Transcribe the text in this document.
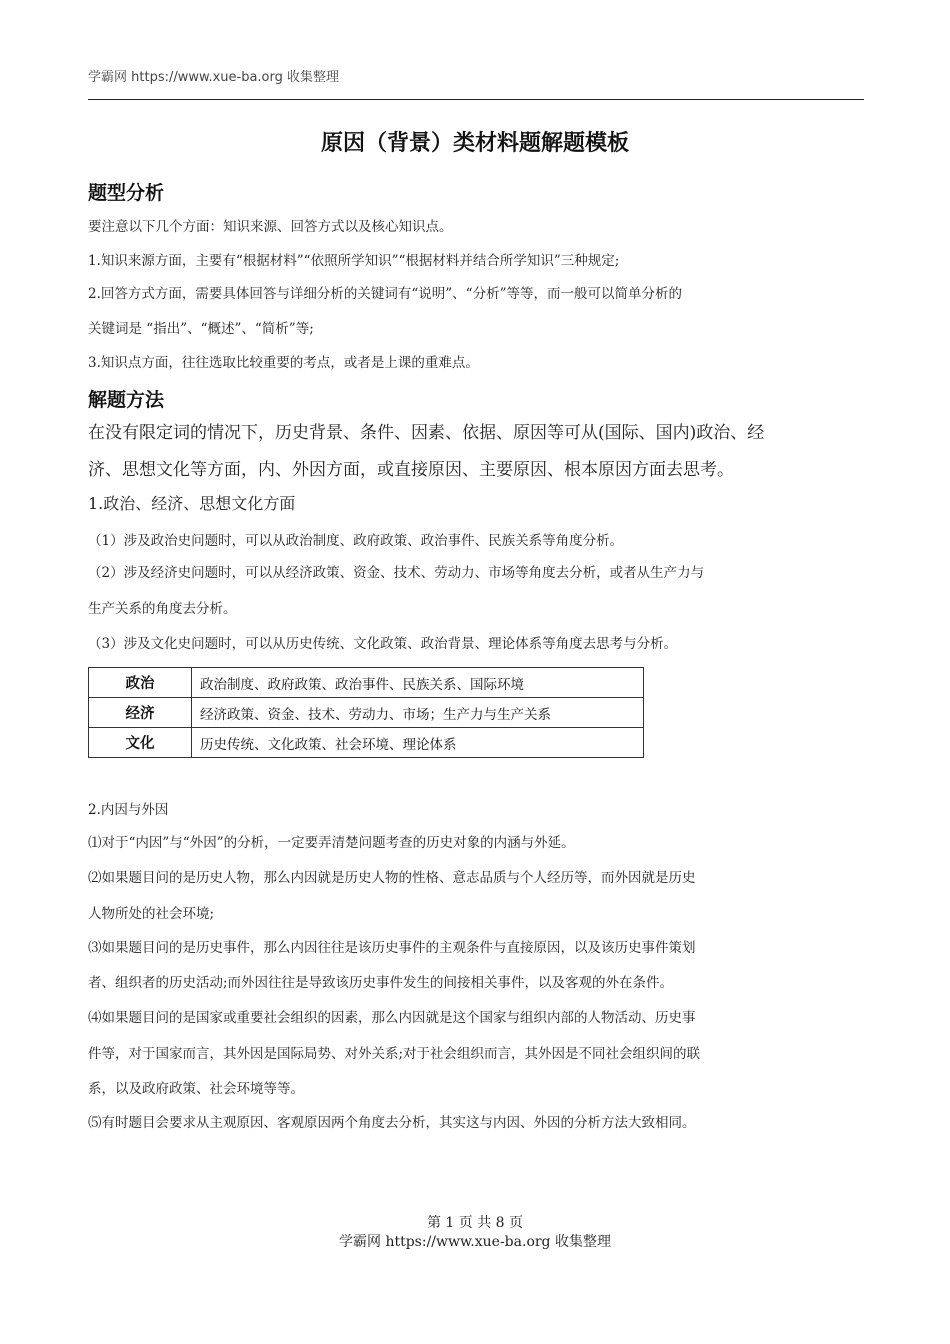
学霸网 https://www.xue-ba.org 收集整理
原因（背景）类材料题解题模板
题型分析
要注意以下几个方面：知识来源、回答方式以及核心知识点。
1.知识来源方面，主要有“根据材料”“依照所学知识”“根据材料并结合所学知识”三种规定;
2.回答方式方面，需要具体回答与详细分析的关键词有“说明”、“分析”等等，而一般可以简单分析的
关键词是 “指出”、“概述”、“简析”等;
3.知识点方面，往往选取比较重要的考点，或者是上课的重难点。
解题方法
在没有限定词的情况下，历史背景、条件、因素、依据、原因等可从(国际、国内)政治、经
济、思想文化等方面，内、外因方面，或直接原因、主要原因、根本原因方面去思考。
1.政治、经济、思想文化方面
（1）涉及政治史问题时，可以从政治制度、政府政策、政治事件、民族关系等角度分析。
（2）涉及经济史问题时，可以从经济政策、资金、技术、劳动力、市场等角度去分析，或者从生产力与
生产关系的角度去分析。
（3）涉及文化史问题时，可以从历史传统、文化政策、政治背景、理论体系等角度去思考与分析。
政治	政治制度、政府政策、政治事件、民族关系、国际环境
经济	经济政策、资金、技术、劳动力、市场；生产力与生产关系
文化	历史传统、文化政策、社会环境、理论体系
2.内因与外因
⑴对于“内因”与“外因”的分析，一定要弄清楚问题考查的历史对象的内涵与外延。
⑵如果题目问的是历史人物，那么内因就是历史人物的性格、意志品质与个人经历等，而外因就是历史
人物所处的社会环境;
⑶如果题目问的是历史事件，那么内因往往是该历史事件的主观条件与直接原因，以及该历史事件策划
者、组织者的历史活动;而外因往往是导致该历史事件发生的间接相关事件，以及客观的外在条件。
⑷如果题目问的是国家或重要社会组织的因素，那么内因就是这个国家与组织内部的人物活动、历史事
件等，对于国家而言，其外因是国际局势、对外关系;对于社会组织而言，其外因是不同社会组织间的联
系，以及政府政策、社会环境等等。
⑸有时题目会要求从主观原因、客观原因两个角度去分析，其实这与内因、外因的分析方法大致相同。
第 1 页 共 8 页
学霸网 https://www.xue-ba.org 收集整理
